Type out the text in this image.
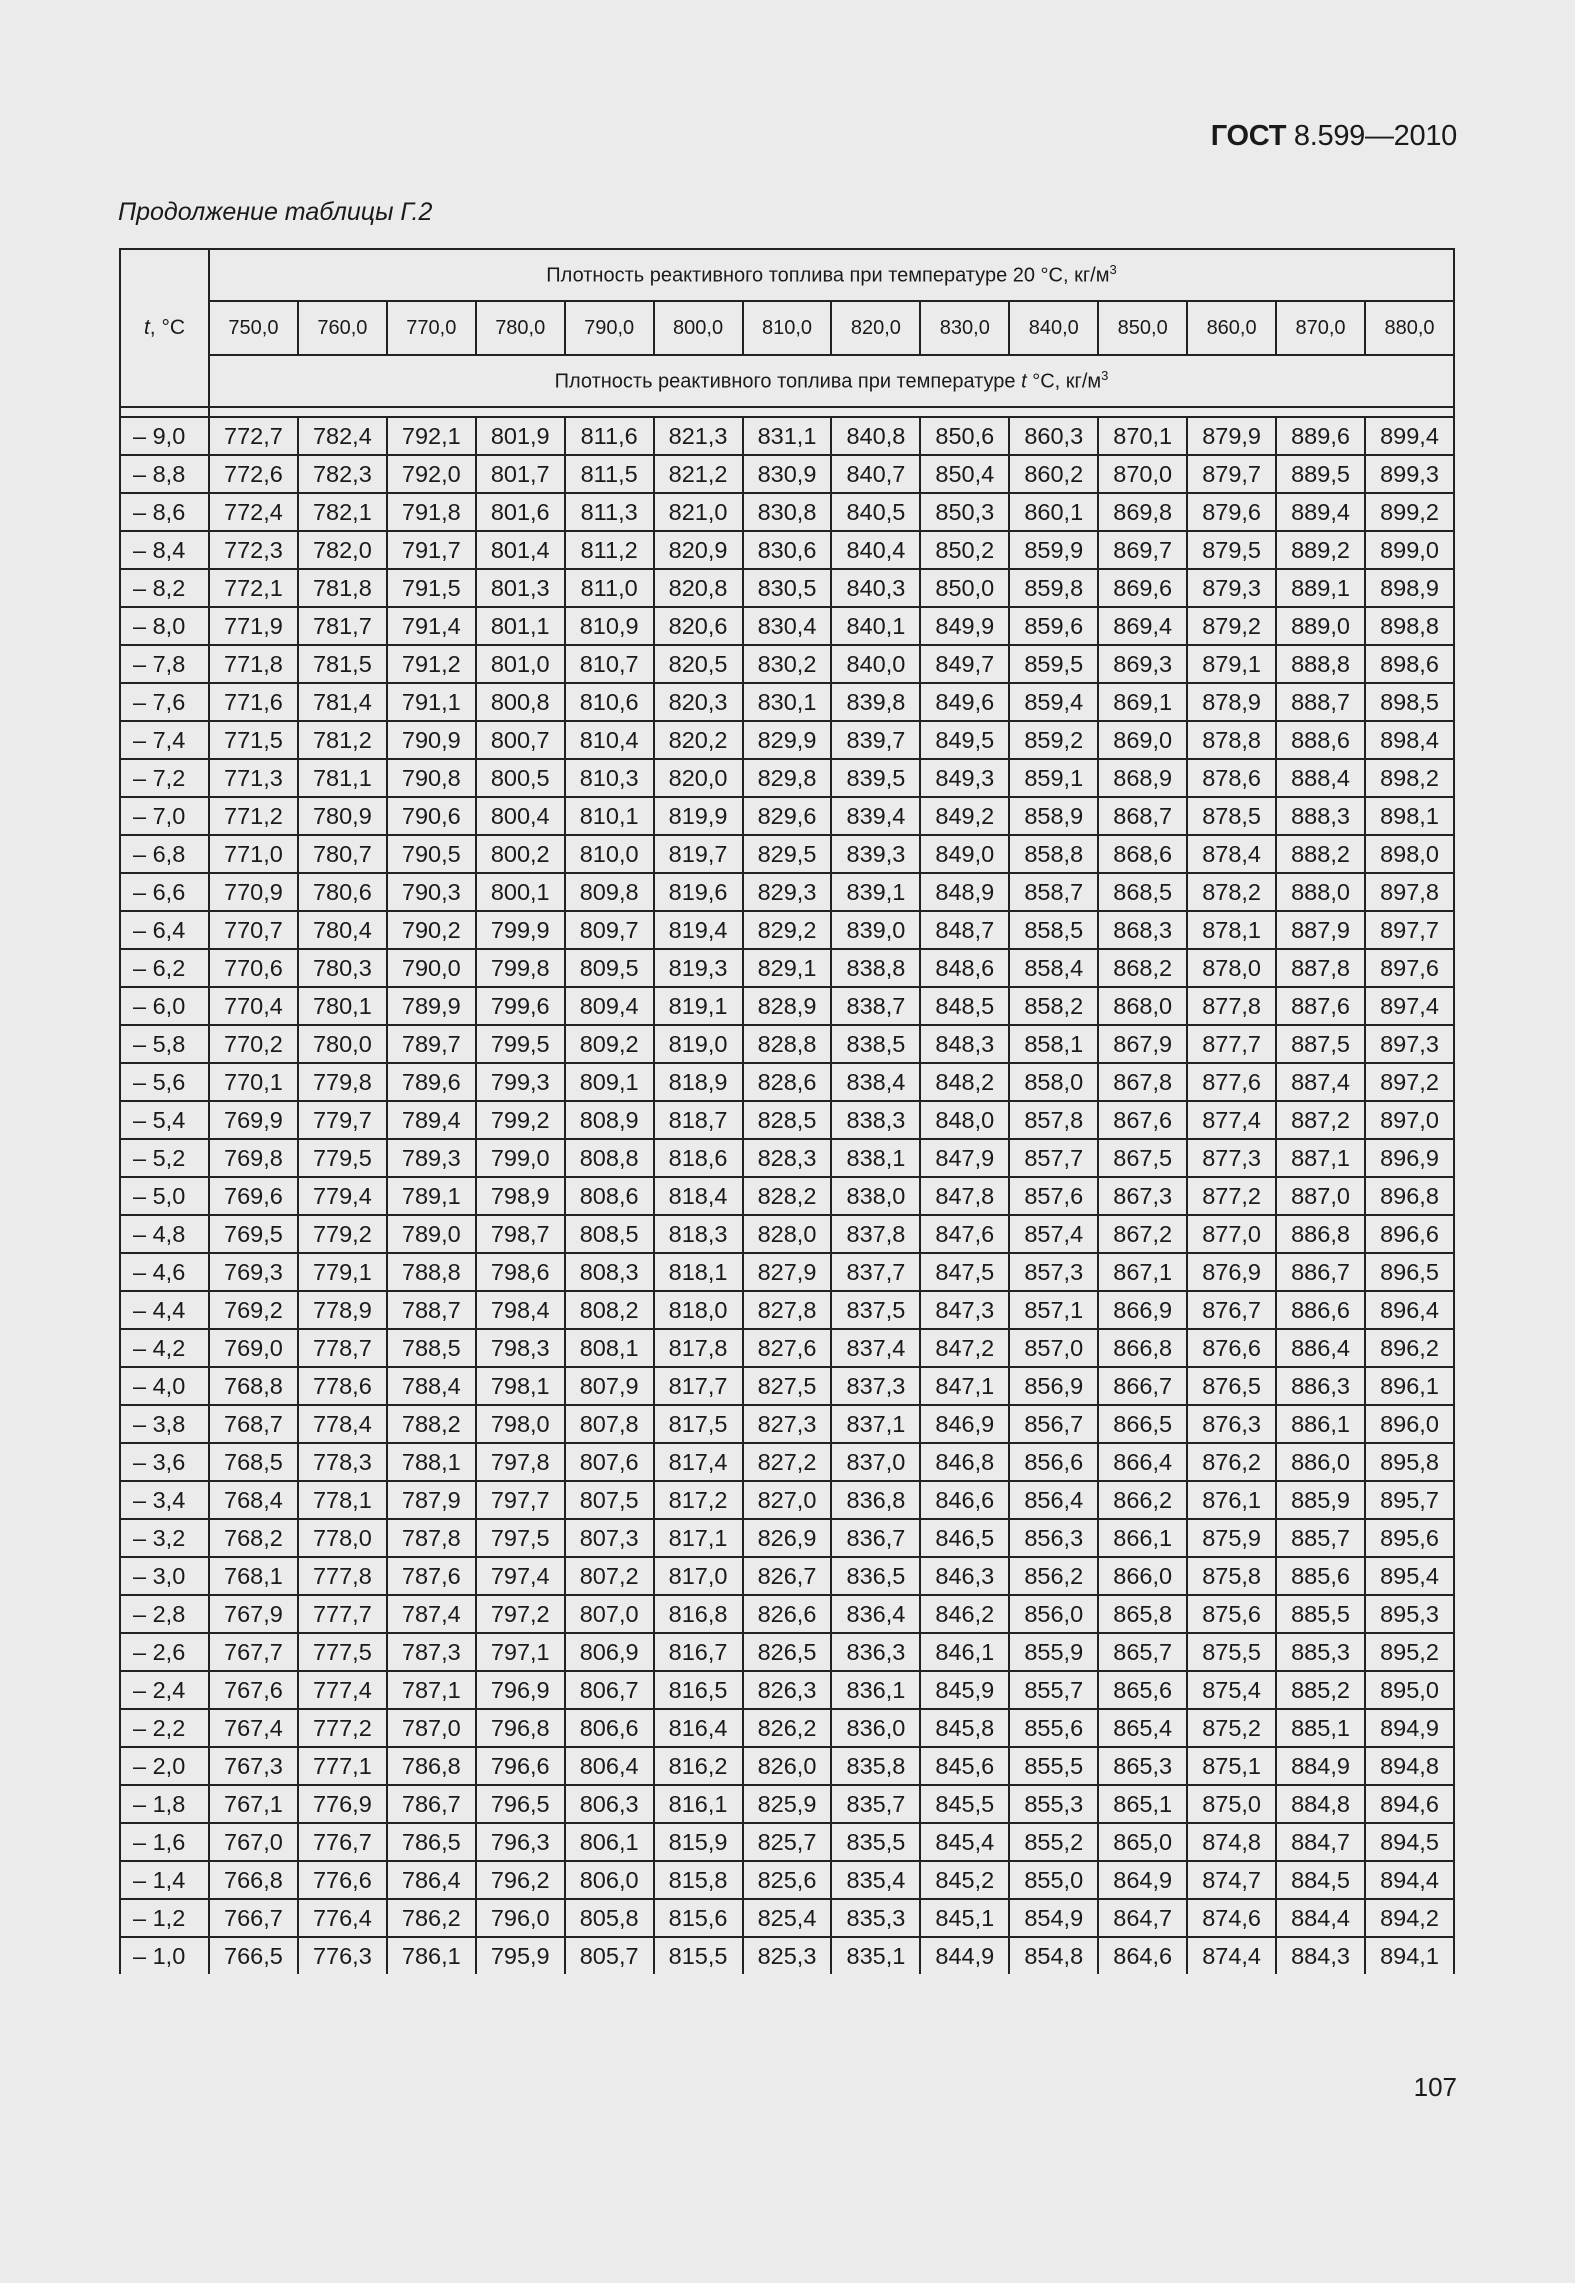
ГОСТ 8.599—2010
Продолжение таблицы Г.2
t, °С	Плотность реактивного топлива при температуре 20 °С, $кг/м^3$
	750,0	760,0	770,0	780,0	790,0	800,0	810,0	820,0	830,0	840,0	850,0	860,0	870,0	880,0
	Плотность реактивного топлива при температуре t °С, $кг/м^3$

– 9,0	772,7	782,4	792,1	801,9	811,6	821,3	831,1	840,8	850,6	860,3	870,1	879,9	889,6	899,4
– 8,8	772,6	782,3	792,0	801,7	811,5	821,2	830,9	840,7	850,4	860,2	870,0	879,7	889,5	899,3
– 8,6	772,4	782,1	791,8	801,6	811,3	821,0	830,8	840,5	850,3	860,1	869,8	879,6	889,4	899,2
– 8,4	772,3	782,0	791,7	801,4	811,2	820,9	830,6	840,4	850,2	859,9	869,7	879,5	889,2	899,0
– 8,2	772,1	781,8	791,5	801,3	811,0	820,8	830,5	840,3	850,0	859,8	869,6	879,3	889,1	898,9
– 8,0	771,9	781,7	791,4	801,1	810,9	820,6	830,4	840,1	849,9	859,6	869,4	879,2	889,0	898,8
– 7,8	771,8	781,5	791,2	801,0	810,7	820,5	830,2	840,0	849,7	859,5	869,3	879,1	888,8	898,6
– 7,6	771,6	781,4	791,1	800,8	810,6	820,3	830,1	839,8	849,6	859,4	869,1	878,9	888,7	898,5
– 7,4	771,5	781,2	790,9	800,7	810,4	820,2	829,9	839,7	849,5	859,2	869,0	878,8	888,6	898,4
– 7,2	771,3	781,1	790,8	800,5	810,3	820,0	829,8	839,5	849,3	859,1	868,9	878,6	888,4	898,2
– 7,0	771,2	780,9	790,6	800,4	810,1	819,9	829,6	839,4	849,2	858,9	868,7	878,5	888,3	898,1
– 6,8	771,0	780,7	790,5	800,2	810,0	819,7	829,5	839,3	849,0	858,8	868,6	878,4	888,2	898,0
– 6,6	770,9	780,6	790,3	800,1	809,8	819,6	829,3	839,1	848,9	858,7	868,5	878,2	888,0	897,8
– 6,4	770,7	780,4	790,2	799,9	809,7	819,4	829,2	839,0	848,7	858,5	868,3	878,1	887,9	897,7
– 6,2	770,6	780,3	790,0	799,8	809,5	819,3	829,1	838,8	848,6	858,4	868,2	878,0	887,8	897,6
– 6,0	770,4	780,1	789,9	799,6	809,4	819,1	828,9	838,7	848,5	858,2	868,0	877,8	887,6	897,4
– 5,8	770,2	780,0	789,7	799,5	809,2	819,0	828,8	838,5	848,3	858,1	867,9	877,7	887,5	897,3
– 5,6	770,1	779,8	789,6	799,3	809,1	818,9	828,6	838,4	848,2	858,0	867,8	877,6	887,4	897,2
– 5,4	769,9	779,7	789,4	799,2	808,9	818,7	828,5	838,3	848,0	857,8	867,6	877,4	887,2	897,0
– 5,2	769,8	779,5	789,3	799,0	808,8	818,6	828,3	838,1	847,9	857,7	867,5	877,3	887,1	896,9
– 5,0	769,6	779,4	789,1	798,9	808,6	818,4	828,2	838,0	847,8	857,6	867,3	877,2	887,0	896,8
– 4,8	769,5	779,2	789,0	798,7	808,5	818,3	828,0	837,8	847,6	857,4	867,2	877,0	886,8	896,6
– 4,6	769,3	779,1	788,8	798,6	808,3	818,1	827,9	837,7	847,5	857,3	867,1	876,9	886,7	896,5
– 4,4	769,2	778,9	788,7	798,4	808,2	818,0	827,8	837,5	847,3	857,1	866,9	876,7	886,6	896,4
– 4,2	769,0	778,7	788,5	798,3	808,1	817,8	827,6	837,4	847,2	857,0	866,8	876,6	886,4	896,2
– 4,0	768,8	778,6	788,4	798,1	807,9	817,7	827,5	837,3	847,1	856,9	866,7	876,5	886,3	896,1
– 3,8	768,7	778,4	788,2	798,0	807,8	817,5	827,3	837,1	846,9	856,7	866,5	876,3	886,1	896,0
– 3,6	768,5	778,3	788,1	797,8	807,6	817,4	827,2	837,0	846,8	856,6	866,4	876,2	886,0	895,8
– 3,4	768,4	778,1	787,9	797,7	807,5	817,2	827,0	836,8	846,6	856,4	866,2	876,1	885,9	895,7
– 3,2	768,2	778,0	787,8	797,5	807,3	817,1	826,9	836,7	846,5	856,3	866,1	875,9	885,7	895,6
– 3,0	768,1	777,8	787,6	797,4	807,2	817,0	826,7	836,5	846,3	856,2	866,0	875,8	885,6	895,4
– 2,8	767,9	777,7	787,4	797,2	807,0	816,8	826,6	836,4	846,2	856,0	865,8	875,6	885,5	895,3
– 2,6	767,7	777,5	787,3	797,1	806,9	816,7	826,5	836,3	846,1	855,9	865,7	875,5	885,3	895,2
– 2,4	767,6	777,4	787,1	796,9	806,7	816,5	826,3	836,1	845,9	855,7	865,6	875,4	885,2	895,0
– 2,2	767,4	777,2	787,0	796,8	806,6	816,4	826,2	836,0	845,8	855,6	865,4	875,2	885,1	894,9
– 2,0	767,3	777,1	786,8	796,6	806,4	816,2	826,0	835,8	845,6	855,5	865,3	875,1	884,9	894,8
– 1,8	767,1	776,9	786,7	796,5	806,3	816,1	825,9	835,7	845,5	855,3	865,1	875,0	884,8	894,6
– 1,6	767,0	776,7	786,5	796,3	806,1	815,9	825,7	835,5	845,4	855,2	865,0	874,8	884,7	894,5
– 1,4	766,8	776,6	786,4	796,2	806,0	815,8	825,6	835,4	845,2	855,0	864,9	874,7	884,5	894,4
– 1,2	766,7	776,4	786,2	796,0	805,8	815,6	825,4	835,3	845,1	854,9	864,7	874,6	884,4	894,2
– 1,0	766,5	776,3	786,1	795,9	805,7	815,5	825,3	835,1	844,9	854,8	864,6	874,4	884,3	894,1
107
